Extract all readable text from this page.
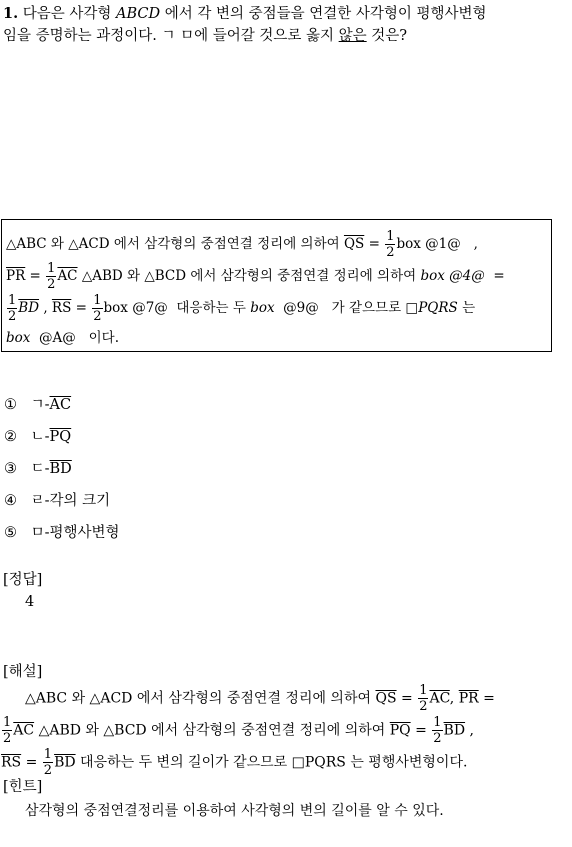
1. 다음은 사각형 ABCD 에서 각 변의 중점들을 연결한 사각형이 평행사변형
임을 증명하는 과정이다. ㄱ ㅁ에 들어갈 것으로 옳지 않은 것은?
△ABC 와 △ACD 에서 삼각형의 중점연결 정리에 의하여 $\overline{QS} = \frac{1}{2}$ box @1@ ,
$\overline{PR} = \frac{1}{2} \overline{AC}$ △ABD 와 △BCD 에서 삼각형의 중점연결 정리에 의하여 box @4@ =
$\frac{1}{2} \overline{BD}$ , $\overline{RS} = \frac{1}{2}$ box @7@ 대응하는 두 box @9@ 가 같으므로 □PQRS 는
box @A@ 이다.
① ㄱ$-\overline{AC}$
② ㄴ$-\overline{PQ}$
③ ㄷ$-\overline{BD}$
④ ㄹ-각의 크기
⑤ ㅁ-평행사변형
[정답]
4
[해설]
△ABC 와 △ACD 에서 삼각형의 중점연결 정리에 의하여 $\overline{QS} = \frac{1}{2} \overline{AC}$, $\overline{PR}$ =
$\frac{1}{2} \overline{AC}$ △ABD 와 △BCD 에서 삼각형의 중점연결 정리에 의하여 $\overline{PQ} = \frac{1}{2} \overline{BD}$ ,
$\overline{RS} = \frac{1}{2} \overline{BD}$ 대응하는 두 변의 길이가 같으므로 □PQRS 는 평행사변형이다.
[힌트]
삼각형의 중점연결정리를 이용하여 사각형의 변의 길이를 알 수 있다.
